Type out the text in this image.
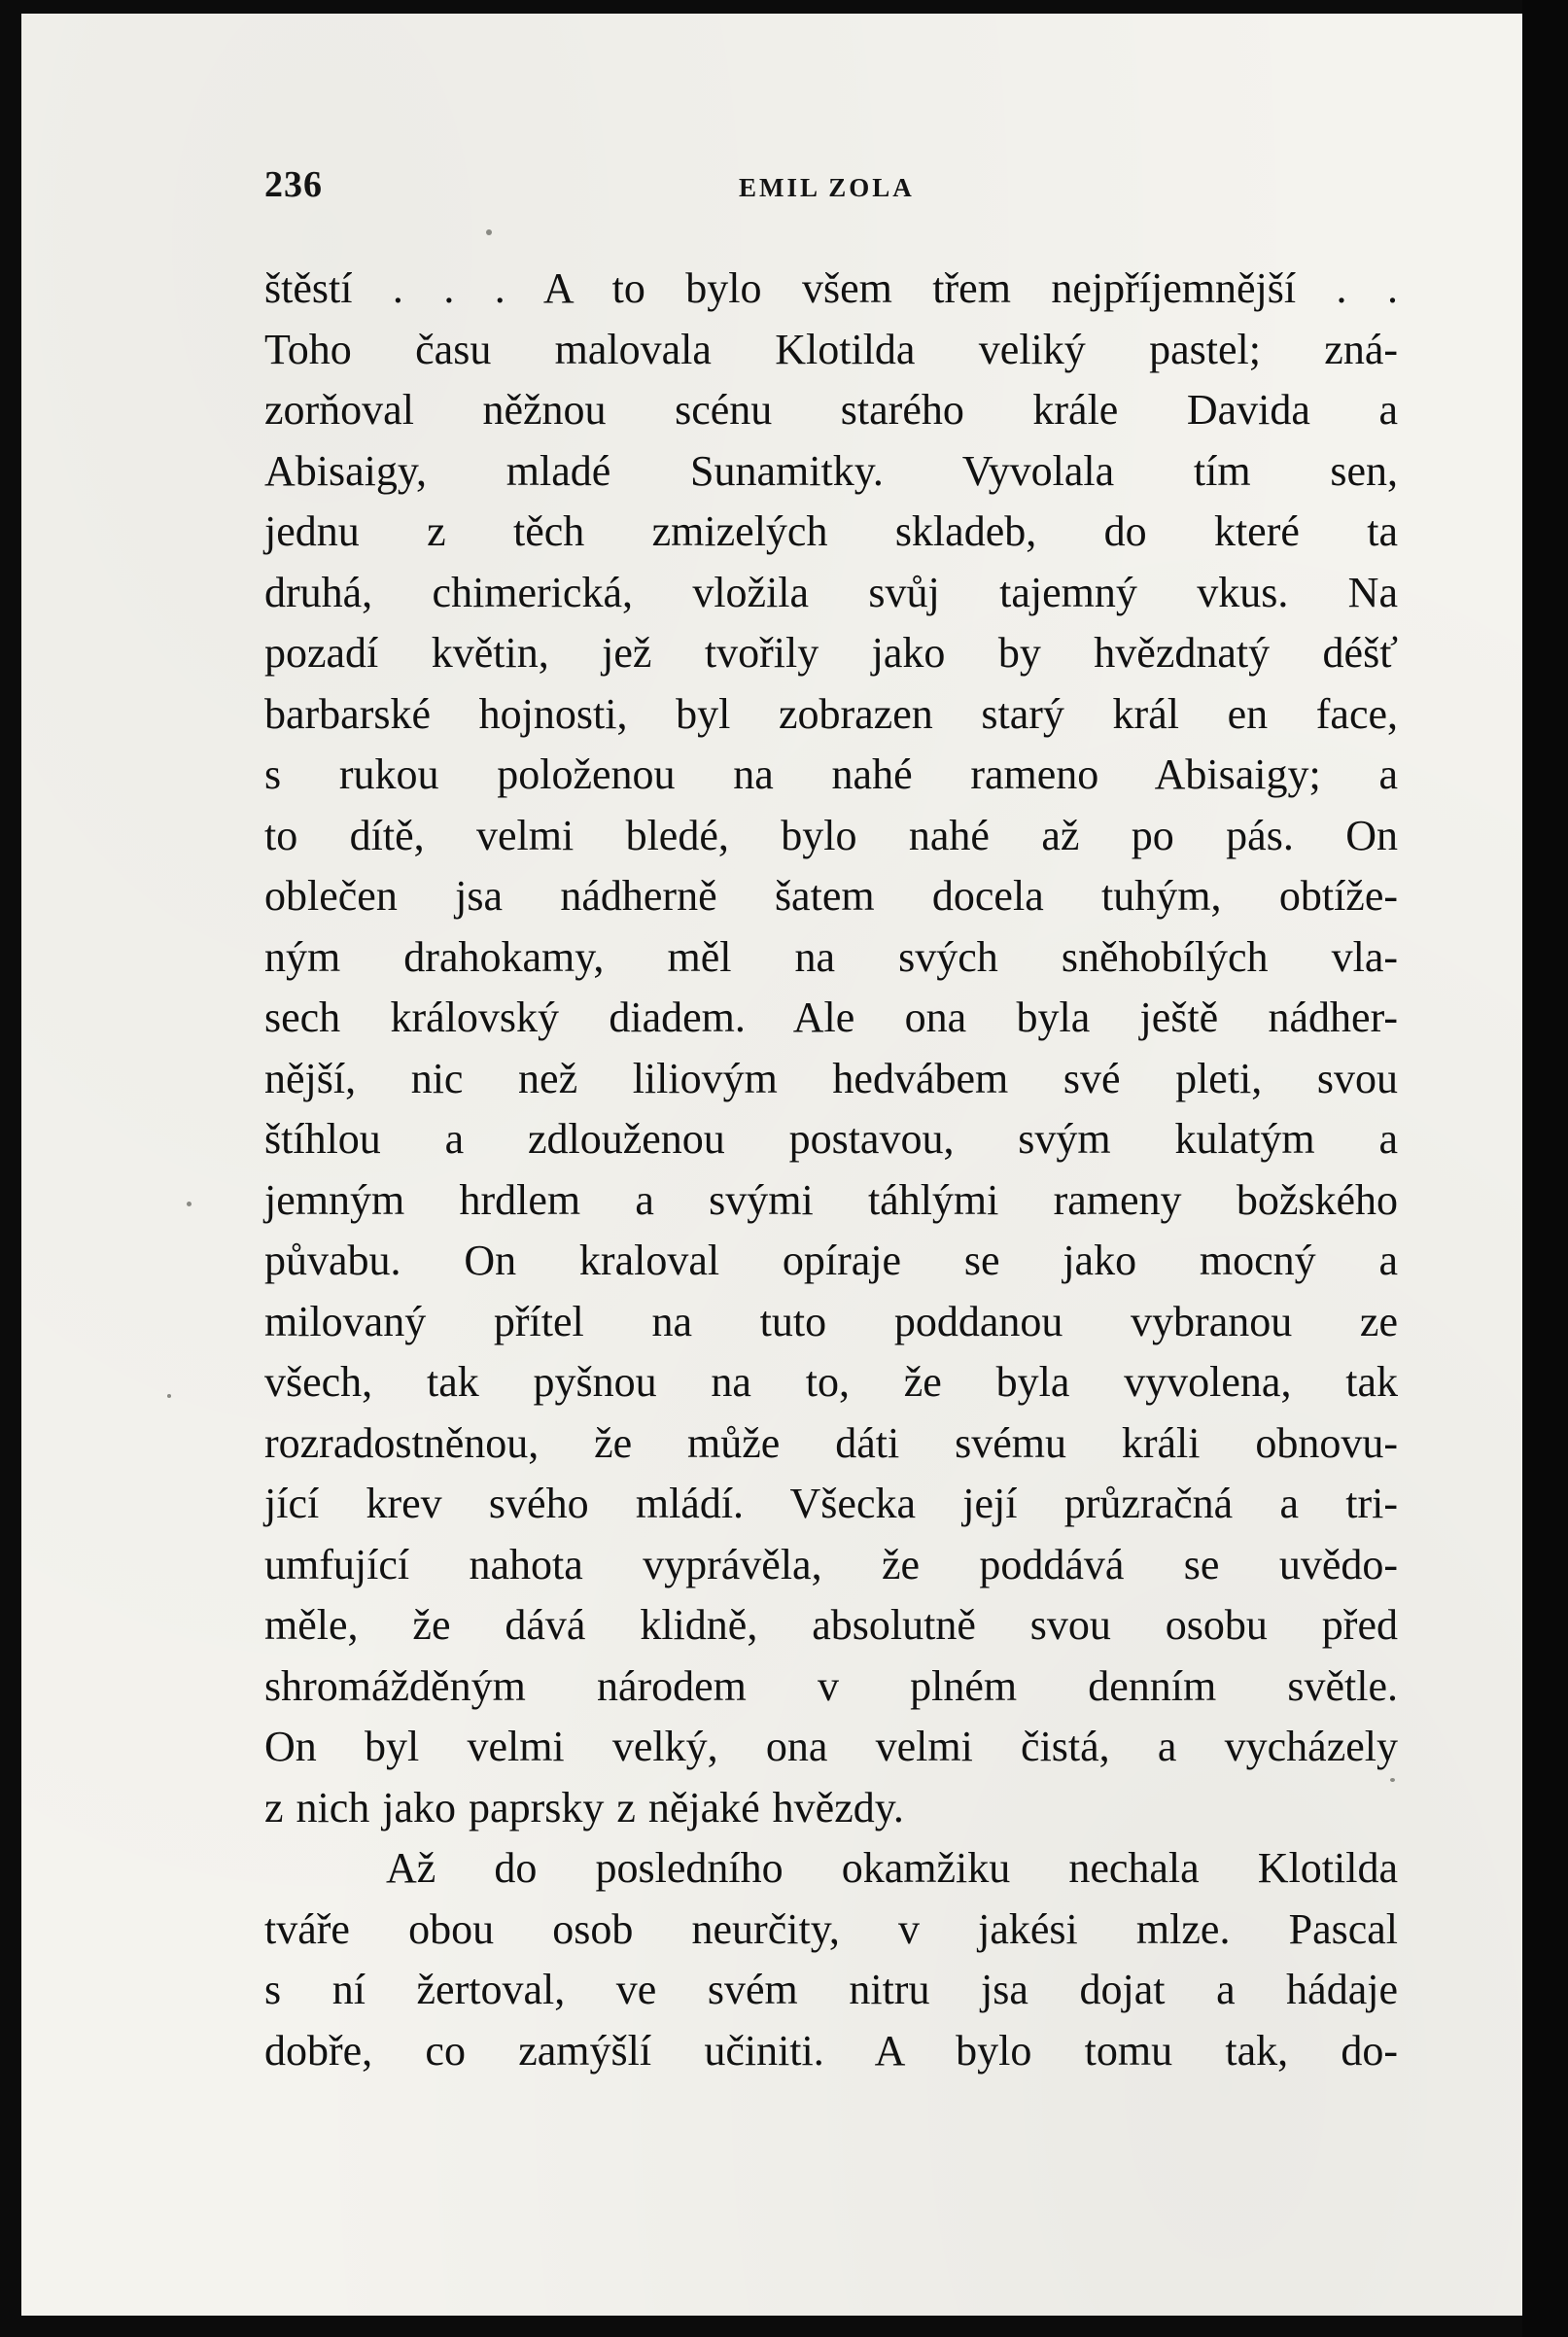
236	EMIL ZOLA
štěstí . . . A to bylo všem třem nejpříjemnější . .
Toho času malovala Klotilda veliký pastel; zná-
zorňoval něžnou scénu starého krále Davida a
Abisaigy, mladé Sunamitky. Vyvolala tím sen,
jednu z těch zmizelých skladeb, do které ta
druhá, chimerická, vložila svůj tajemný vkus. Na
pozadí květin, jež tvořily jako by hvězdnatý déšť
barbarské hojnosti, byl zobrazen starý král en face,
s rukou položenou na nahé rameno Abisaigy; a
to dítě, velmi bledé, bylo nahé až po pás. On
oblečen jsa nádherně šatem docela tuhým, obtíže-
ným drahokamy, měl na svých sněhobílých vla-
sech královský diadem. Ale ona byla ještě nádher-
nější, nic než liliovým hedvábem své pleti, svou
štíhlou a zdlouženou postavou, svým kulatým a
jemným hrdlem a svými táhlými rameny božského
půvabu. On kraloval opíraje se jako mocný a
milovaný přítel na tuto poddanou vybranou ze
všech, tak pyšnou na to, že byla vyvolena, tak
rozradostněnou, že může dáti svému králi obnovu-
jící krev svého mládí. Všecka její průzračná a tri-
umfující nahota vyprávěla, že poddává se uvědo-
měle, že dává klidně, absolutně svou osobu před
shromážděným národem v plném denním světle.
On byl velmi velký, ona velmi čistá, a vycházely
z nich jako paprsky z nějaké hvězdy.
Až do posledního okamžiku nechala Klotilda
tváře obou osob neurčity, v jakési mlze. Pascal
s ní žertoval, ve svém nitru jsa dojat a hádaje
dobře, co zamýšlí učiniti. A bylo tomu tak, do-
